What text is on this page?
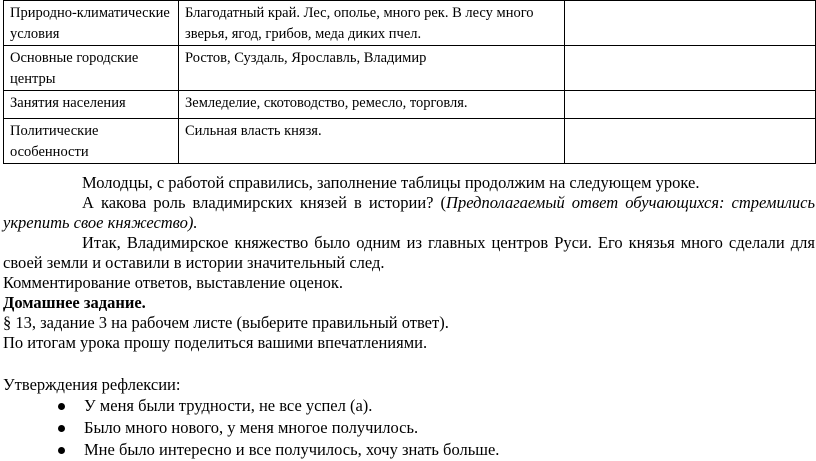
Природно-климатические условия	Благодатный край. Лес, ополье, много рек. В лесу много зверья, ягод, грибов, меда диких пчел.	
Основные городские центры	Ростов, Суздаль, Ярославль, Владимир	
Занятия населения	Земледелие, скотоводство, ремесло, торговля.	
Политические особенности	Сильная власть князя.	

Молодцы, с работой справились, заполнение таблицы продолжим на следующем уроке.

А какова роль владимирских князей в истории? (Предполагаемый ответ обучающихся: стремились укрепить свое княжество).

Итак, Владимирское княжество было одним из главных центров Руси. Его князья много сделали для своей земли и оставили в истории значительный след.

Комментирование ответов, выставление оценок.

Домашнее задание.

§ 13, задание 3 на рабочем листе (выберите правильный ответ).

По итогам урока прошу поделиться вашими впечатлениями.

Утверждения рефлексии:

У меня были трудности, не все успел (а).
Было много нового, у меня многое получилось.
Мне было интересно и все получилось, хочу знать больше.
